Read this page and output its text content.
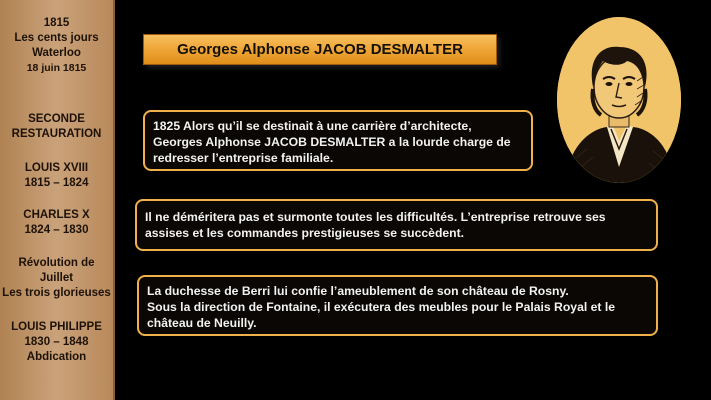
1815
Les cents jours
Waterloo
18 juin 1815
SECONDE
RESTAURATION
LOUIS XVIII
1815 – 1824
CHARLES X
1824 – 1830
Révolution de
Juillet
Les trois glorieuses
LOUIS PHILIPPE
1830 – 1848
Abdication
Georges Alphonse JACOB DESMALTER
1825 Alors qu’il se destinait à une carrière d’architecte,
Georges Alphonse JACOB DESMALTER a la lourde charge de
redresser l’entreprise familiale.
Il ne déméritera pas et surmonte toutes les difficultés. L’entreprise retrouve ses
assises et les commandes prestigieuses se succèdent.
La duchesse de Berri lui confie l’ameublement de son château de Rosny.
Sous la direction de Fontaine, il exécutera des meubles pour le Palais Royal et le
château de Neuilly.
